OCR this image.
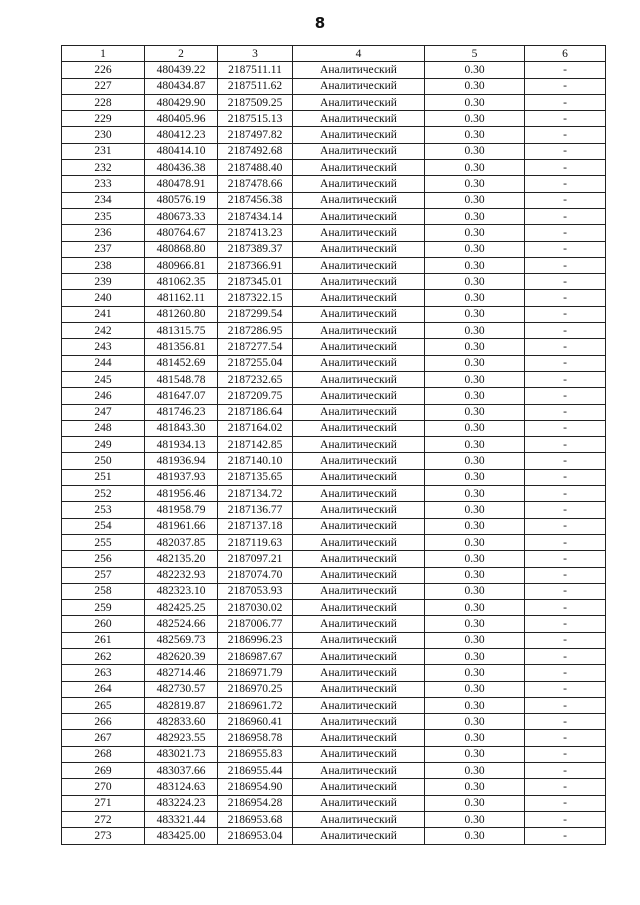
8
1	2	3	4	5	6
226	480439.22	2187511.11	Аналитический	0.30	-
227	480434.87	2187511.62	Аналитический	0.30	-
228	480429.90	2187509.25	Аналитический	0.30	-
229	480405.96	2187515.13	Аналитический	0.30	-
230	480412.23	2187497.82	Аналитический	0.30	-
231	480414.10	2187492.68	Аналитический	0.30	-
232	480436.38	2187488.40	Аналитический	0.30	-
233	480478.91	2187478.66	Аналитический	0.30	-
234	480576.19	2187456.38	Аналитический	0.30	-
235	480673.33	2187434.14	Аналитический	0.30	-
236	480764.67	2187413.23	Аналитический	0.30	-
237	480868.80	2187389.37	Аналитический	0.30	-
238	480966.81	2187366.91	Аналитический	0.30	-
239	481062.35	2187345.01	Аналитический	0.30	-
240	481162.11	2187322.15	Аналитический	0.30	-
241	481260.80	2187299.54	Аналитический	0.30	-
242	481315.75	2187286.95	Аналитический	0.30	-
243	481356.81	2187277.54	Аналитический	0.30	-
244	481452.69	2187255.04	Аналитический	0.30	-
245	481548.78	2187232.65	Аналитический	0.30	-
246	481647.07	2187209.75	Аналитический	0.30	-
247	481746.23	2187186.64	Аналитический	0.30	-
248	481843.30	2187164.02	Аналитический	0.30	-
249	481934.13	2187142.85	Аналитический	0.30	-
250	481936.94	2187140.10	Аналитический	0.30	-
251	481937.93	2187135.65	Аналитический	0.30	-
252	481956.46	2187134.72	Аналитический	0.30	-
253	481958.79	2187136.77	Аналитический	0.30	-
254	481961.66	2187137.18	Аналитический	0.30	-
255	482037.85	2187119.63	Аналитический	0.30	-
256	482135.20	2187097.21	Аналитический	0.30	-
257	482232.93	2187074.70	Аналитический	0.30	-
258	482323.10	2187053.93	Аналитический	0.30	-
259	482425.25	2187030.02	Аналитический	0.30	-
260	482524.66	2187006.77	Аналитический	0.30	-
261	482569.73	2186996.23	Аналитический	0.30	-
262	482620.39	2186987.67	Аналитический	0.30	-
263	482714.46	2186971.79	Аналитический	0.30	-
264	482730.57	2186970.25	Аналитический	0.30	-
265	482819.87	2186961.72	Аналитический	0.30	-
266	482833.60	2186960.41	Аналитический	0.30	-
267	482923.55	2186958.78	Аналитический	0.30	-
268	483021.73	2186955.83	Аналитический	0.30	-
269	483037.66	2186955.44	Аналитический	0.30	-
270	483124.63	2186954.90	Аналитический	0.30	-
271	483224.23	2186954.28	Аналитический	0.30	-
272	483321.44	2186953.68	Аналитический	0.30	-
273	483425.00	2186953.04	Аналитический	0.30	-
